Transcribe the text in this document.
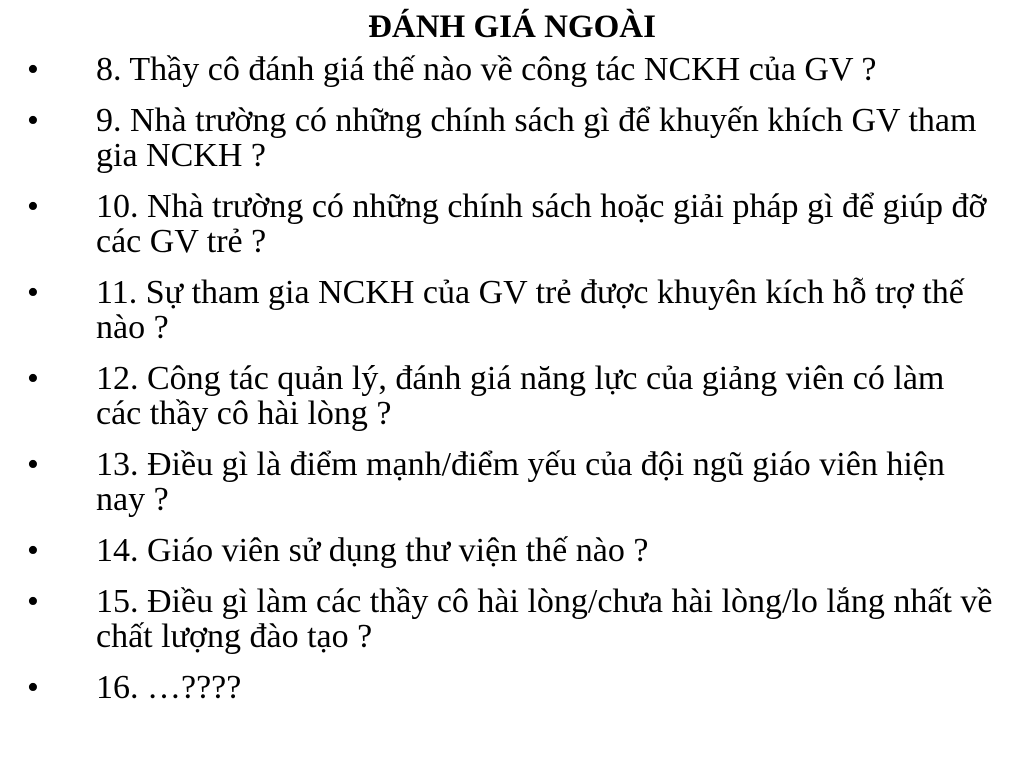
ĐÁNH GIÁ NGOÀI
• 8. Thầy cô đánh giá thế nào về công tác NCKH của GV ?
• 9. Nhà trường có những chính sách gì để khuyến khích GV tham gia NCKH ?
• 10. Nhà trường có những chính sách hoặc giải pháp gì để giúp đỡ các GV trẻ ?
• 11. Sự tham gia NCKH của GV trẻ được khuyên kích hỗ trợ thế nào ?
• 12. Công tác quản lý, đánh giá năng lực của giảng viên có làm các thầy cô hài lòng ?
• 13. Điều gì là điểm mạnh/điểm yếu của đội ngũ giáo viên hiện nay ?
• 14. Giáo viên sử dụng thư viện thế nào ?
• 15. Điều gì làm các thầy cô hài lòng/chưa hài lòng/lo lắng nhất về chất lượng đào tạo ?
• 16. …????
